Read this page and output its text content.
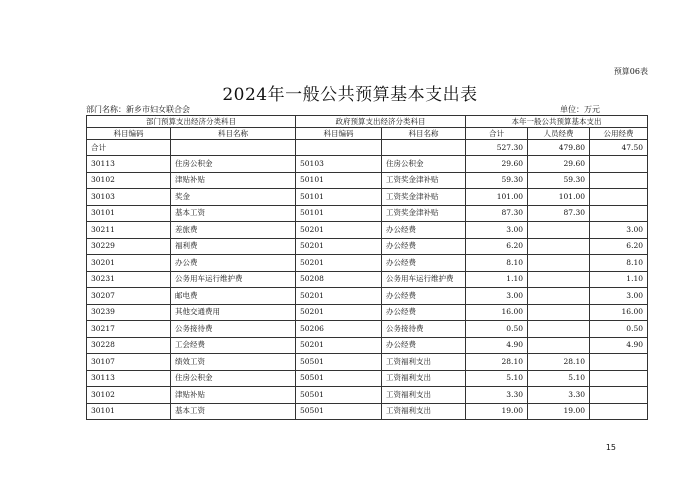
预算06表
2024年一般公共预算基本支出表
部门名称：新乡市妇女联合会	单位：万元
部门预算支出经济分类科目		政府预算支出经济分类科目		本年一般公共预算基本支出		
科目编码	科目名称	科目编码	科目名称	合计	人员经费	公用经费
合计				527.30	479.80	47.50
30113	住房公积金	50103	住房公积金	29.60	29.60	
30102	津贴补贴	50101	工资奖金津补贴	59.30	59.30	
30103	奖金	50101	工资奖金津补贴	101.00	101.00	
30101	基本工资	50101	工资奖金津补贴	87.30	87.30	
30211	差旅费	50201	办公经费	3.00		3.00
30229	福利费	50201	办公经费	6.20		6.20
30201	办公费	50201	办公经费	8.10		8.10
30231	公务用车运行维护费	50208	公务用车运行维护费	1.10		1.10
30207	邮电费	50201	办公经费	3.00		3.00
30239	其他交通费用	50201	办公经费	16.00		16.00
30217	公务接待费	50206	公务接待费	0.50		0.50
30228	工会经费	50201	办公经费	4.90		4.90
30107	绩效工资	50501	工资福利支出	28.10	28.10	
30113	住房公积金	50501	工资福利支出	5.10	5.10	
30102	津贴补贴	50501	工资福利支出	3.30	3.30	
30101	基本工资	50501	工资福利支出	19.00	19.00	
15
